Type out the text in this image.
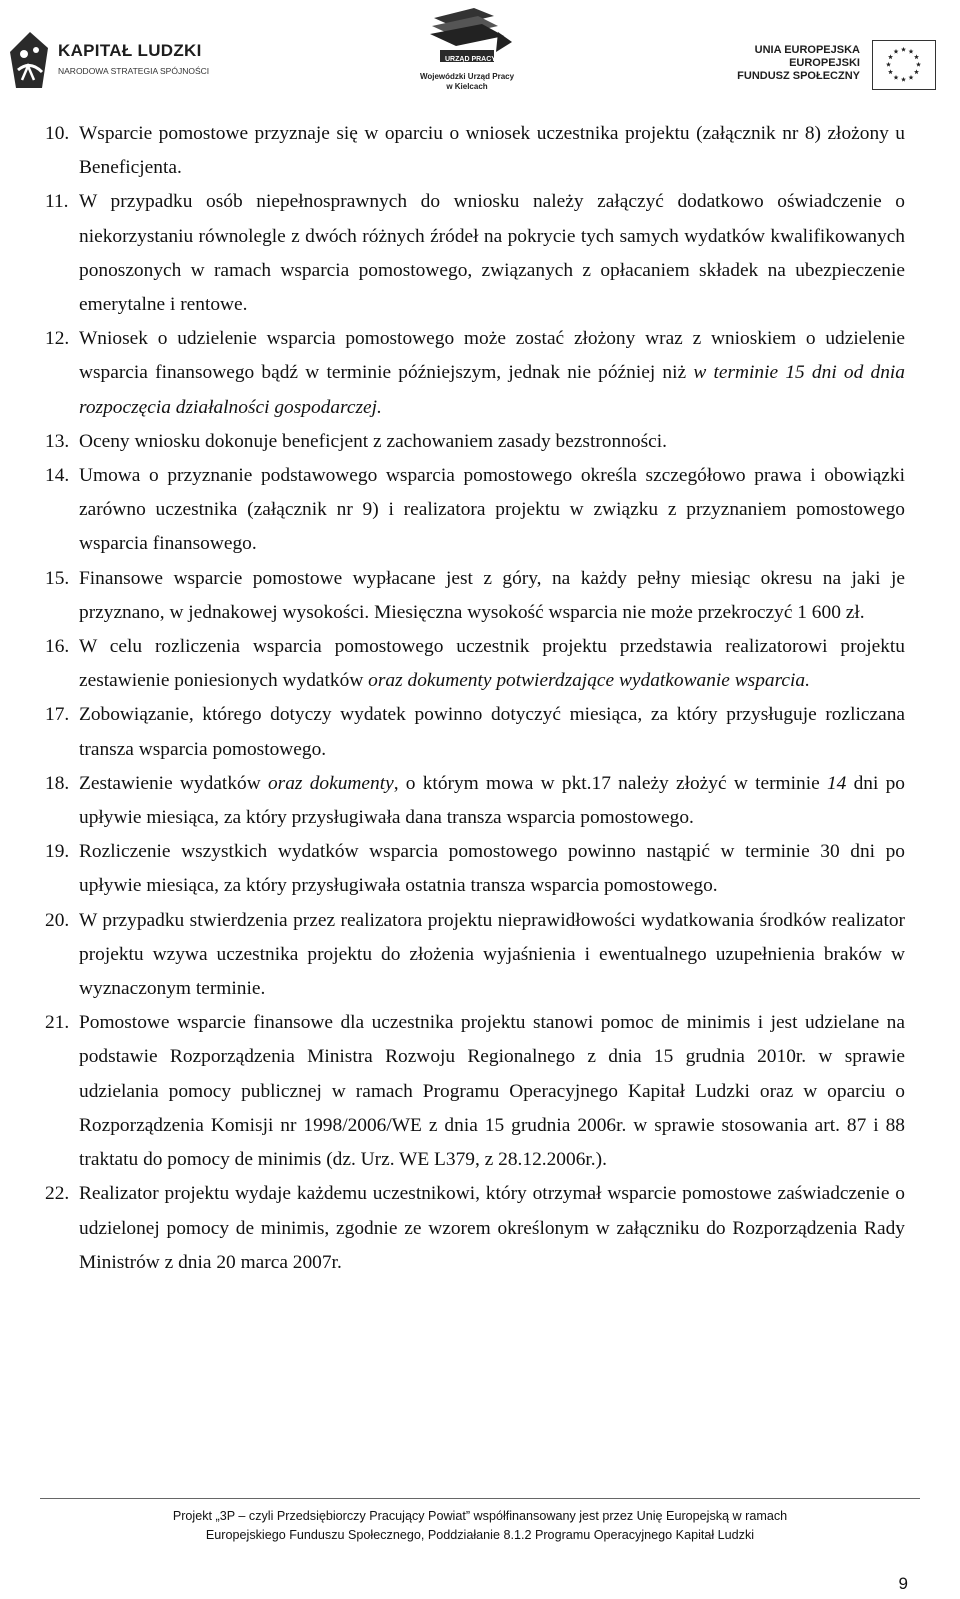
KAPITAŁ LUDZKI
NARODOWA STRATEGIA SPÓJNOŚCI
URZĄD PRACY
Wojewódzki Urząd Pracy
w Kielcach
UNIA EUROPEJSKA
EUROPEJSKI
FUNDUSZ SPOŁECZNY
10. Wsparcie pomostowe przyznaje się w oparciu o wniosek uczestnika projektu (załącznik nr 8) złożony u Beneficjenta.
11. W przypadku osób niepełnosprawnych do wniosku należy załączyć dodatkowo oświadczenie o niekorzystaniu równolegle z dwóch różnych źródeł na pokrycie tych samych wydatków kwalifikowanych ponoszonych w ramach wsparcia pomostowego, związanych z opłacaniem składek na ubezpieczenie emerytalne i rentowe.
12. Wniosek o udzielenie wsparcia pomostowego może zostać złożony wraz z wnioskiem o udzielenie wsparcia finansowego bądź w terminie późniejszym, jednak nie później niż w terminie 15 dni od dnia rozpoczęcia działalności gospodarczej.
13. Oceny wniosku dokonuje beneficjent z zachowaniem zasady bezstronności.
14. Umowa o przyznanie podstawowego wsparcia pomostowego określa szczegółowo prawa i obowiązki zarówno uczestnika (załącznik nr 9) i realizatora projektu w związku z przyznaniem pomostowego wsparcia finansowego.
15. Finansowe wsparcie pomostowe wypłacane jest z góry, na każdy pełny miesiąc okresu na jaki je przyznano, w jednakowej wysokości. Miesięczna wysokość wsparcia nie może przekroczyć 1 600 zł.
16. W celu rozliczenia wsparcia pomostowego uczestnik projektu przedstawia realizatorowi projektu zestawienie poniesionych wydatków oraz dokumenty potwierdzające wydatkowanie wsparcia.
17. Zobowiązanie, którego dotyczy wydatek powinno dotyczyć miesiąca, za który przysługuje rozliczana transza wsparcia pomostowego.
18. Zestawienie wydatków oraz dokumenty, o którym mowa w pkt.17 należy złożyć w terminie 14 dni po upływie miesiąca, za który przysługiwała dana transza wsparcia pomostowego.
19. Rozliczenie wszystkich wydatków wsparcia pomostowego powinno nastąpić w terminie 30 dni po upływie miesiąca, za który przysługiwała ostatnia transza wsparcia pomostowego.
20. W przypadku stwierdzenia przez realizatora projektu nieprawidłowości wydatkowania środków realizator projektu wzywa uczestnika projektu do złożenia wyjaśnienia i ewentualnego uzupełnienia braków w wyznaczonym terminie.
21. Pomostowe wsparcie finansowe dla uczestnika projektu stanowi pomoc de minimis i jest udzielane na podstawie Rozporządzenia Ministra Rozwoju Regionalnego z dnia 15 grudnia 2010r. w sprawie udzielania pomocy publicznej w ramach Programu Operacyjnego Kapitał Ludzki oraz w oparciu o Rozporządzenia Komisji nr 1998/2006/WE z dnia 15 grudnia 2006r. w sprawie stosowania art. 87 i 88 traktatu do pomocy de minimis (dz. Urz. WE L379, z 28.12.2006r.).
22. Realizator projektu wydaje każdemu uczestnikowi, który otrzymał wsparcie pomostowe zaświadczenie o udzielonej pomocy de minimis, zgodnie ze wzorem określonym w załączniku do Rozporządzenia Rady Ministrów z dnia 20 marca 2007r.
Projekt „3P – czyli Przedsiębiorczy Pracujący Powiat” współfinansowany jest przez Unię Europejską w ramach
Europejskiego Funduszu Społecznego, Poddziałanie 8.1.2 Programu Operacyjnego Kapitał Ludzki
9
